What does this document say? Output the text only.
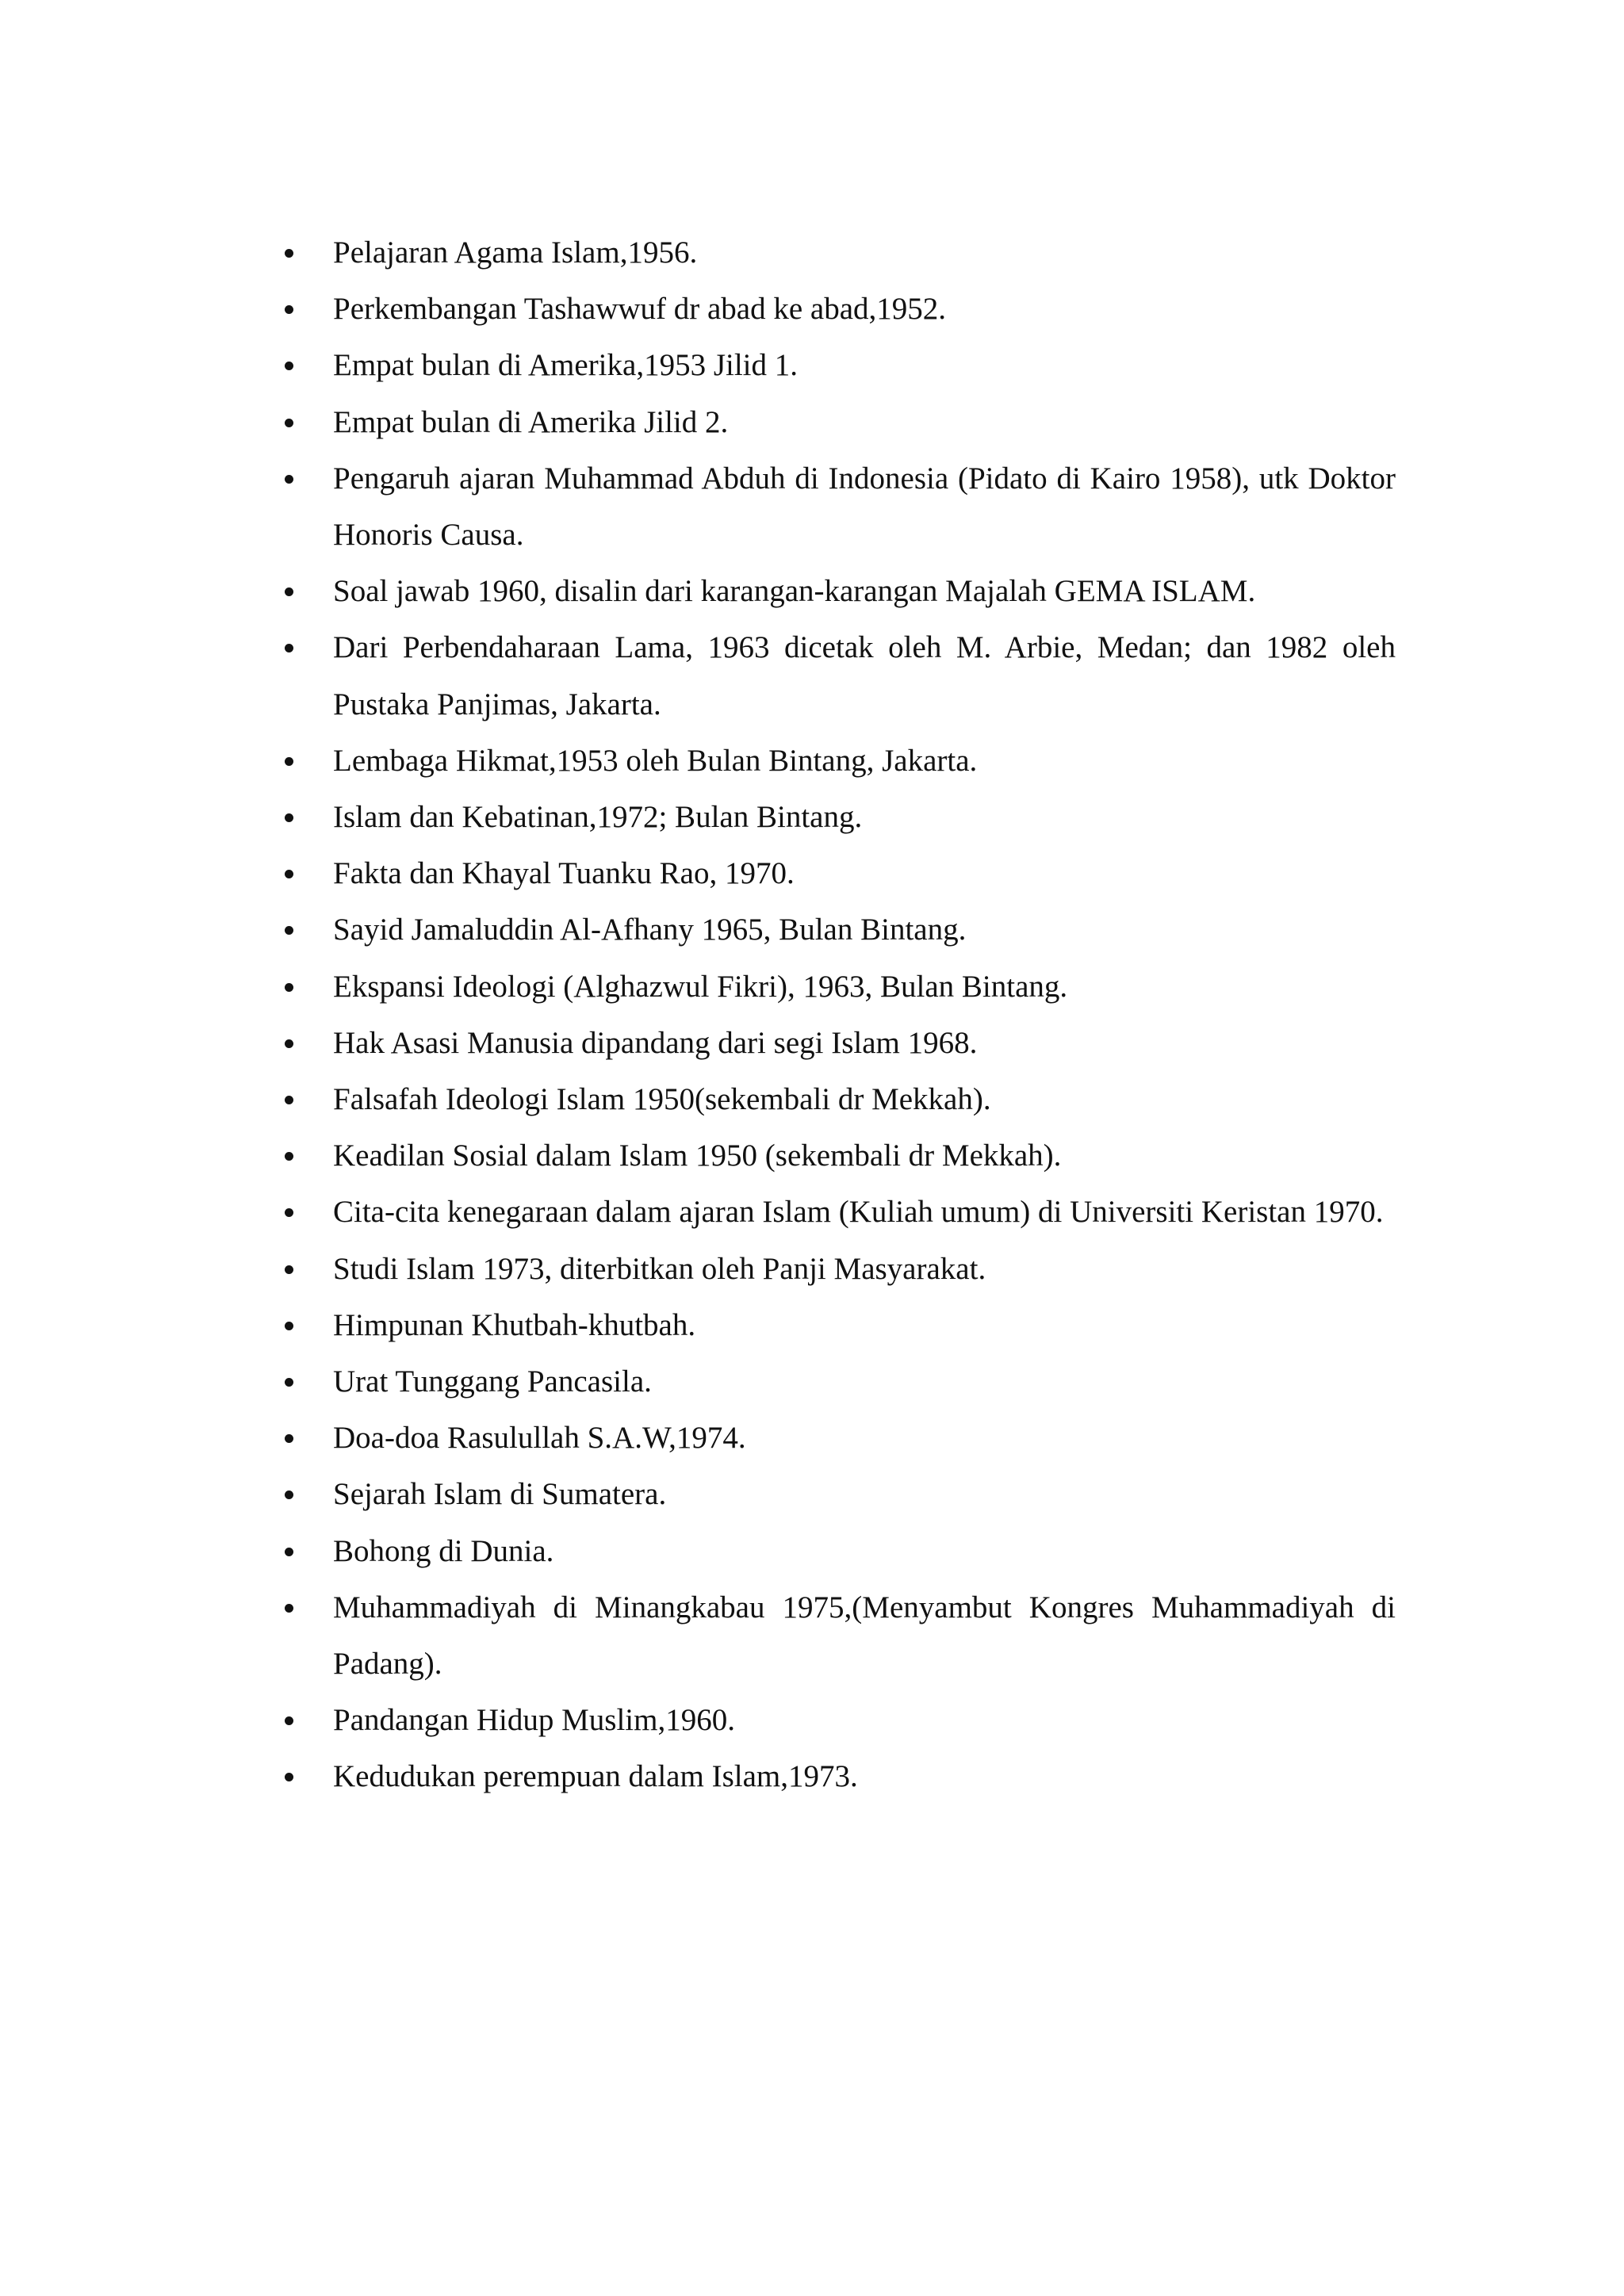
Pelajaran Agama Islam,1956.
Perkembangan Tashawwuf dr abad ke abad,1952.
Empat bulan di Amerika,1953 Jilid 1.
Empat bulan di Amerika Jilid 2.
Pengaruh ajaran Muhammad Abduh di Indonesia (Pidato di Kairo 1958), utk Doktor Honoris Causa.
Soal jawab 1960, disalin dari karangan-karangan Majalah GEMA ISLAM.
Dari Perbendaharaan Lama, 1963 dicetak oleh M. Arbie, Medan; dan 1982 oleh Pustaka Panjimas, Jakarta.
Lembaga Hikmat,1953 oleh Bulan Bintang, Jakarta.
Islam dan Kebatinan,1972; Bulan Bintang.
Fakta dan Khayal Tuanku Rao, 1970.
Sayid Jamaluddin Al-Afhany 1965, Bulan Bintang.
Ekspansi Ideologi (Alghazwul Fikri), 1963, Bulan Bintang.
Hak Asasi Manusia dipandang dari segi Islam 1968.
Falsafah Ideologi Islam 1950(sekembali dr Mekkah).
Keadilan Sosial dalam Islam 1950 (sekembali dr Mekkah).
Cita-cita kenegaraan dalam ajaran Islam (Kuliah umum) di Universiti Keristan 1970.
Studi Islam 1973, diterbitkan oleh Panji Masyarakat.
Himpunan Khutbah-khutbah.
Urat Tunggang Pancasila.
Doa-doa Rasulullah S.A.W,1974.
Sejarah Islam di Sumatera.
Bohong di Dunia.
Muhammadiyah di Minangkabau 1975,(Menyambut Kongres Muhammadiyah di Padang).
Pandangan Hidup Muslim,1960.
Kedudukan perempuan dalam Islam,1973.
